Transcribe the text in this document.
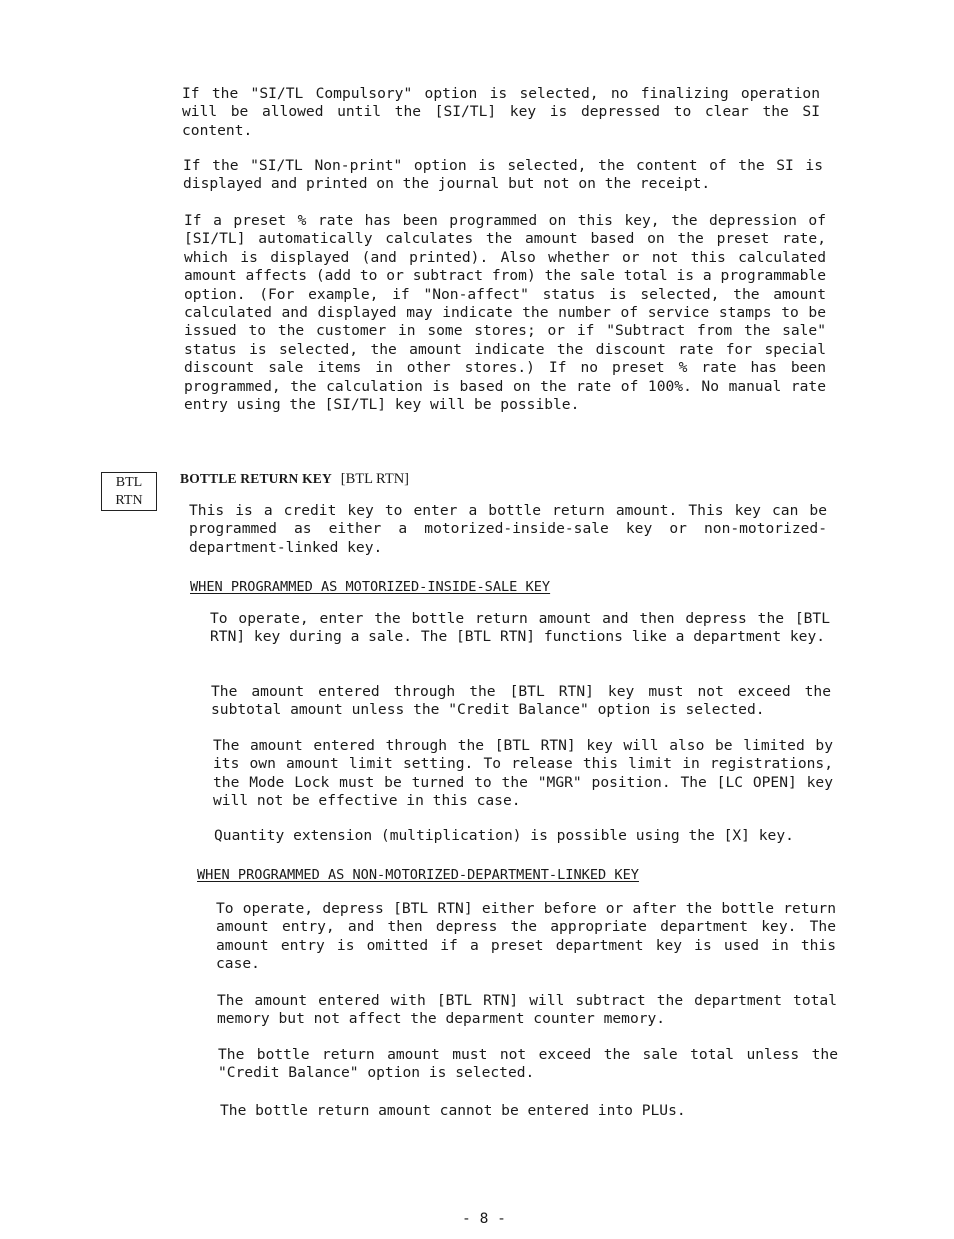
If the "SI/TL Compulsory" option is selected, no finalizing operation will be allowed until the [SI/TL] key is depressed to clear the SI content.

If the "SI/TL Non-print" option is selected, the content of the SI is displayed and printed on the journal but not on the receipt.

If a preset % rate has been programmed on this key, the depression of [SI/TL] automatically calculates the amount based on the preset rate, which is displayed (and printed). Also whether or not this calculated amount affects (add to or subtract from) the sale total is a programmable option. (For example, if "Non-affect" status is selected, the amount calculated and displayed may indicate the number of service stamps to be issued to the customer in some stores; or if "Subtract from the sale" status is selected, the amount indicate the discount rate for special discount sale items in other stores.) If no preset % rate has been programmed, the calculation is based on the rate of 100%. No manual rate entry using the [SI/TL] key will be possible.

BTL
RTN
BOTTLE RETURN KEY [BTL RTN]

This is a credit key to enter a bottle return amount. This key can be programmed as either a motorized-inside-sale key or non-motorized-department-linked key.

WHEN PROGRAMMED AS MOTORIZED-INSIDE-SALE KEY

To operate, enter the bottle return amount and then depress the [BTL RTN] key during a sale. The [BTL RTN] functions like a department key.

The amount entered through the [BTL RTN] key must not exceed the subtotal amount unless the "Credit Balance" option is selected.

The amount entered through the [BTL RTN] key will also be limited by its own amount limit setting. To release this limit in registrations, the Mode Lock must be turned to the "MGR" position. The [LC OPEN] key will not be effective in this case.

Quantity extension (multiplication) is possible using the [X] key.

WHEN PROGRAMMED AS NON-MOTORIZED-DEPARTMENT-LINKED KEY

To operate, depress [BTL RTN] either before or after the bottle return amount entry, and then depress the appropriate department key. The amount entry is omitted if a preset department key is used in this case.

The amount entered with [BTL RTN] will subtract the department total memory but not affect the deparment counter memory.

The bottle return amount must not exceed the sale total unless the "Credit Balance" option is selected.

The bottle return amount cannot be entered into PLUs.

- 8 -
